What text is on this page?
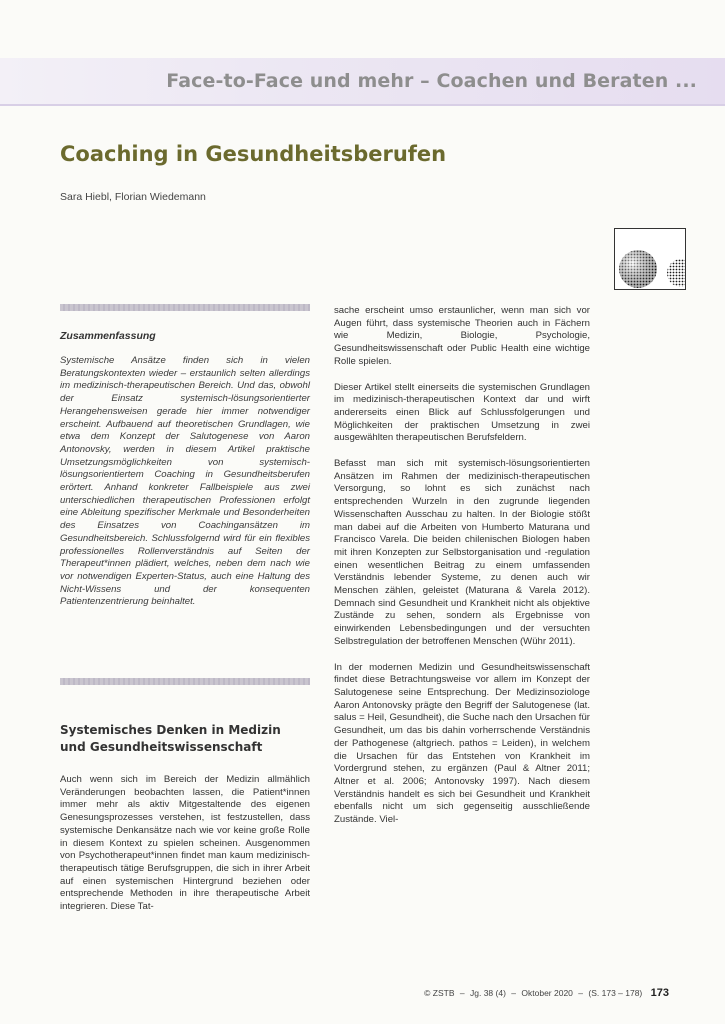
Face-to-Face und mehr – Coachen und Beraten ...
Coaching in Gesundheitsberufen
Sara Hiebl, Florian Wiedemann

Zusammenfassung

Systemische Ansätze finden sich in vielen Beratungskontexten wieder – erstaunlich selten allerdings im medizinisch-therapeutischen Bereich. Und das, obwohl der Einsatz systemisch-lösungsorientierter Herangehensweisen gerade hier immer notwendiger erscheint. Aufbauend auf theoretischen Grundlagen, wie etwa dem Konzept der Salutogenese von Aaron Antonovsky, werden in diesem Artikel praktische Umsetzungsmöglichkeiten von systemisch-lösungsorientiertem Coaching in Gesundheitsberufen erörtert. Anhand konkreter Fallbeispiele aus zwei unterschiedlichen therapeutischen Professionen erfolgt eine Ableitung spezifischer Merkmale und Besonderheiten des Einsatzes von Coachingansätzen im Gesundheitsbereich. Schlussfolgernd wird für ein flexibles professionelles Rollenverständnis auf Seiten der Therapeut*innen plädiert, welches, neben dem nach wie vor notwendigen Experten-Status, auch eine Haltung des Nicht-Wissens und der konsequenten Patientenzentrierung beinhaltet.

Systemisches Denken in Medizin und Gesundheitswissenschaft

Auch wenn sich im Bereich der Medizin allmählich Veränderungen beobachten lassen, die Patient*innen immer mehr als aktiv Mitgestaltende des eigenen Genesungsprozesses verstehen, ist festzustellen, dass systemische Denkansätze nach wie vor keine große Rolle in diesem Kontext zu spielen scheinen. Ausgenommen von Psychotherapeut*innen findet man kaum medizinisch-therapeutisch tätige Berufsgruppen, die sich in ihrer Arbeit auf einen systemischen Hintergrund beziehen oder entsprechende Methoden in ihre therapeutische Arbeit integrieren. Diese Tat-

sache erscheint umso erstaunlicher, wenn man sich vor Augen führt, dass systemische Theorien auch in Fächern wie Medizin, Biologie, Psychologie, Gesundheitswissenschaft oder Public Health eine wichtige Rolle spielen.

Dieser Artikel stellt einerseits die systemischen Grundlagen im medizinisch-therapeutischen Kontext dar und wirft andererseits einen Blick auf Schlussfolgerungen und Möglichkeiten der praktischen Umsetzung in zwei ausgewählten therapeutischen Berufsfeldern.

Befasst man sich mit systemisch-lösungsorientierten Ansätzen im Rahmen der medizinisch-therapeutischen Versorgung, so lohnt es sich zunächst nach entsprechenden Wurzeln in den zugrunde liegenden Wissenschaften Ausschau zu halten. In der Biologie stößt man dabei auf die Arbeiten von Humberto Maturana und Francisco Varela. Die beiden chilenischen Biologen haben mit ihren Konzepten zur Selbstorganisation und -regulation einen wesentlichen Beitrag zu einem umfassenden Verständnis lebender Systeme, zu denen auch wir Menschen zählen, geleistet (Maturana & Varela 2012). Demnach sind Gesundheit und Krankheit nicht als objektive Zustände zu sehen, sondern als Ergebnisse von einwirkenden Lebensbedingungen und der versuchten Selbstregulation der betroffenen Menschen (Wühr 2011).

In der modernen Medizin und Gesundheitswissenschaft findet diese Betrachtungsweise vor allem im Konzept der Salutogenese seine Entsprechung. Der Medizinsoziologe Aaron Antonovsky prägte den Begriff der Salutogenese (lat. salus = Heil, Gesundheit), die Suche nach den Ursachen für Gesundheit, um das bis dahin vorherrschende Verständnis der Pathogenese (altgriech. pathos = Leiden), in welchem die Ursachen für das Entstehen von Krankheit im Vordergrund stehen, zu ergänzen (Paul & Altner 2011; Altner et al. 2006; Antonovsky 1997). Nach diesem Verständnis handelt es sich bei Gesundheit und Krankheit ebenfalls nicht um sich gegenseitig ausschließende Zustände. Viel-

© ZSTB – Jg. 38 (4) – Oktober 2020 – (S. 173 – 178) 173
